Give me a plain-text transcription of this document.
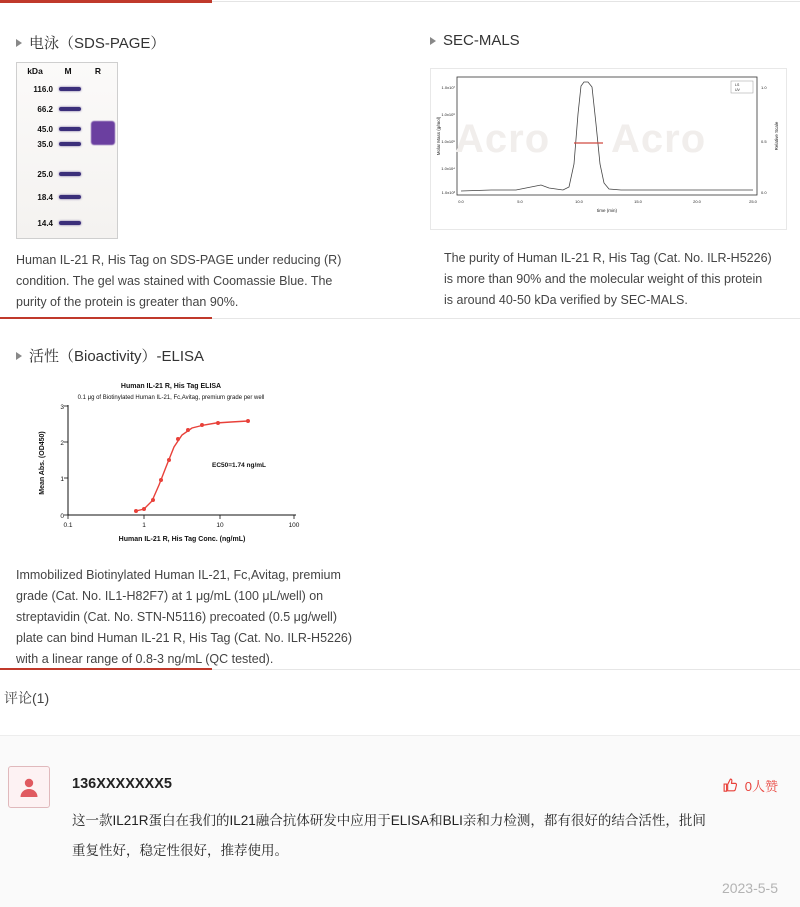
电泳（SDS-PAGE）
kDa	M	R
116.0
66.2
45.0
35.0
25.0
18.4
14.4
Human IL-21 R, His Tag on SDS-PAGE under reducing (R) condition. The gel was stained with Coomassie Blue. The purity of the protein is greater than 90%.
SEC-MALS
Acro Acro
1.0x10⁷
1.0x10⁶
1.0x10⁵
1.0x10⁴
1.0x10³
1.0
0.5
0.0
0.0	5.0	10.0	15.0	20.0	25.0
time (min)
Molar Mass (g/mol)	Relative Scale
LS
UV
The purity of Human IL-21 R, His Tag (Cat. No. ILR-H5226) is more than 90% and the molecular weight of this protein is around 40-50 kDa verified by SEC-MALS.
活性（Bioactivity）-ELISA
Human IL-21 R, His Tag ELISA
0.1 μg of Biotinylated Human IL-21, Fc,Avitag, premium grade per well
0
1
2
3
0.1	1	10	100
Human IL-21 R, His Tag Conc. (ng/mL)
Mean Abs. (OD450)	EC50=1.74 ng/mL
Immobilized Biotinylated Human IL-21, Fc,Avitag, premium grade (Cat. No. IL1-H82F7) at 1 μg/mL (100 μL/well) on streptavidin (Cat. No. STN-N5116) precoated (0.5 μg/well) plate can bind Human IL-21 R, His Tag (Cat. No. ILR-H5226) with a linear range of 0.8-3 ng/mL (QC tested).
评论(1)
136XXXXXXX5
这一款IL21R蛋白在我们的IL21融合抗体研发中应用于ELISA和BLI亲和力检测，都有很好的结合活性，批间重复性好，稳定性很好，推荐使用。
0人赞
2023-5-5
